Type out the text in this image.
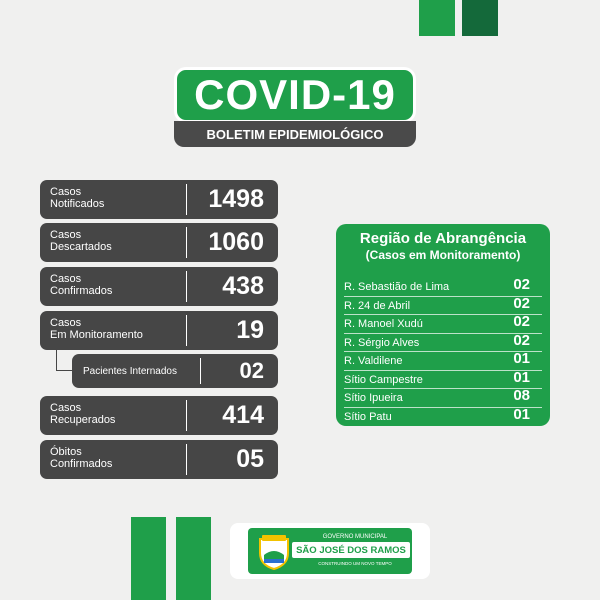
COVID-19
BOLETIM EPIDEMIOLÓGICO
Casos
Notificados	1498
Casos
Descartados	1060
Casos
Confirmados	438
Casos
Em Monitoramento	19
Pacientes Internados	02
Casos
Recuperados	414
Óbitos
Confirmados	05
Região de Abrangência
(Casos em Monitoramento)
R. Sebastião de Lima	02
R. 24 de Abril	02
R. Manoel Xudú	02
R. Sérgio Alves	02
R. Valdilene	01
Sítio Campestre	01
Sítio Ipueira	08
Sítio Patu	01
GOVERNO MUNICIPAL
SÃO JOSÉ DOS RAMOS
CONSTRUINDO UM NOVO TEMPO
